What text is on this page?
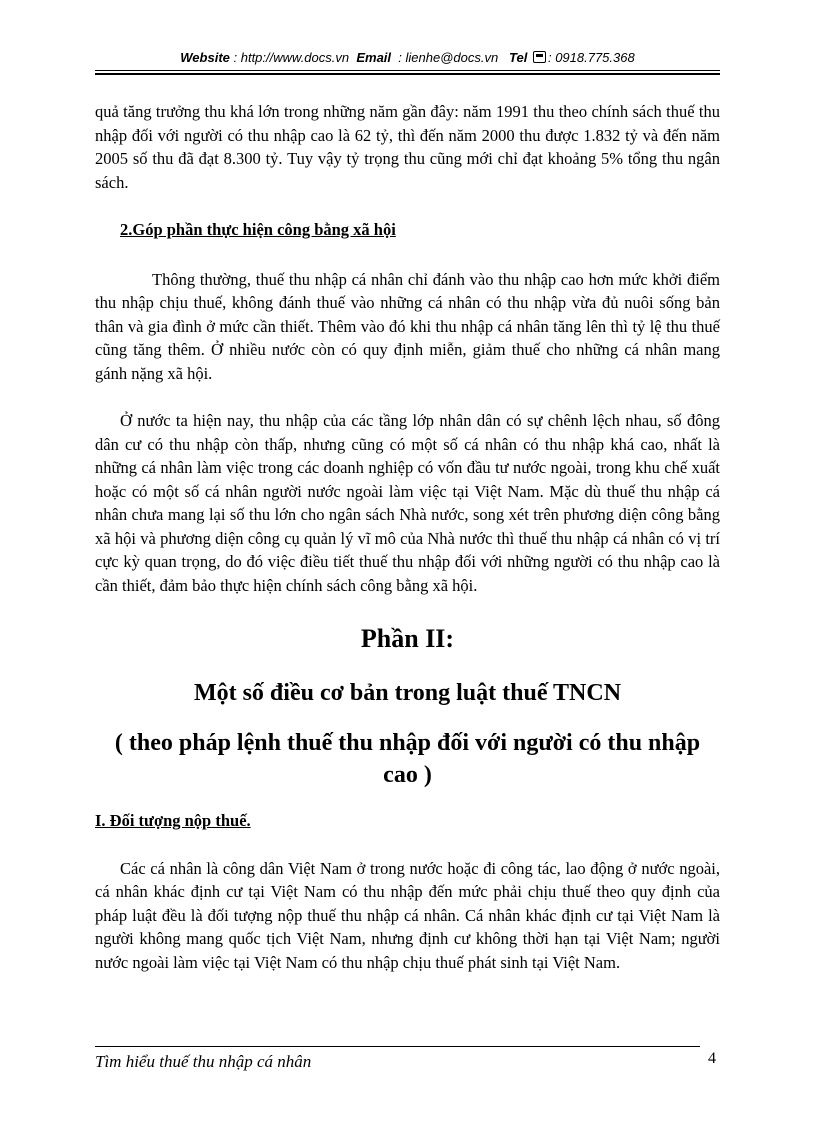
Website : http://www.docs.vn Email : lienhe@docs.vn Tel : 0918.775.368

quả tăng trưởng thu khá lớn trong những năm gần đây: năm 1991 thu theo chính sách thuế thu nhập đối với người có thu nhập cao là 62 tỷ, thì đến năm 2000 thu được 1.832 tỷ và đến năm 2005 số thu đã đạt 8.300 tỷ. Tuy vậy tỷ trọng thu cũng mới chỉ đạt khoảng 5% tổng thu ngân sách.

2.Góp phần thực hiện công bằng xã hội

Thông thường, thuế thu nhập cá nhân chỉ đánh vào thu nhập cao hơn mức khởi điểm thu nhập chịu thuế, không đánh thuế vào những cá nhân có thu nhập vừa đủ nuôi sống bản thân và gia đình ở mức cần thiết. Thêm vào đó khi thu nhập cá nhân tăng lên thì tỷ lệ thu thuế cũng tăng thêm. Ở nhiều nước còn có quy định miễn, giảm thuế cho những cá nhân mang gánh nặng xã hội.

Ở nước ta hiện nay, thu nhập của các tầng lớp nhân dân có sự chênh lệch nhau, số đông dân cư có thu nhập còn thấp, nhưng cũng có một số cá nhân có thu nhập khá cao, nhất là những cá nhân làm việc trong các doanh nghiệp có vốn đầu tư nước ngoài, trong khu chế xuất hoặc có một số cá nhân người nước ngoài làm việc tại Việt Nam. Mặc dù thuế thu nhập cá nhân chưa mang lại số thu lớn cho ngân sách Nhà nước, song xét trên phương diện công bằng xã hội và phương diện công cụ quản lý vĩ mô của Nhà nước thì thuế thu nhập cá nhân có vị trí cực kỳ quan trọng, do đó việc điều tiết thuế thu nhập đối với những người có thu nhập cao là cần thiết, đảm bảo thực hiện chính sách công bằng xã hội.

Phần II:

Một số điều cơ bản trong luật thuế TNCN

( theo pháp lệnh thuế thu nhập đối với người có thu nhập cao )

I. Đối tượng nộp thuế.

Các cá nhân là công dân Việt Nam ở trong nước hoặc đi công tác, lao động ở nước ngoài, cá nhân khác định cư tại Việt Nam có thu nhập đến mức phải chịu thuế theo quy định của pháp luật đều là đối tượng nộp thuế thu nhập cá nhân. Cá nhân khác định cư tại Việt Nam là người không mang quốc tịch Việt Nam, nhưng định cư không thời hạn tại Việt Nam; người nước ngoài làm việc tại Việt Nam có thu nhập chịu thuế phát sinh tại Việt Nam.

Tìm hiểu thuế thu nhập cá nhân	4
